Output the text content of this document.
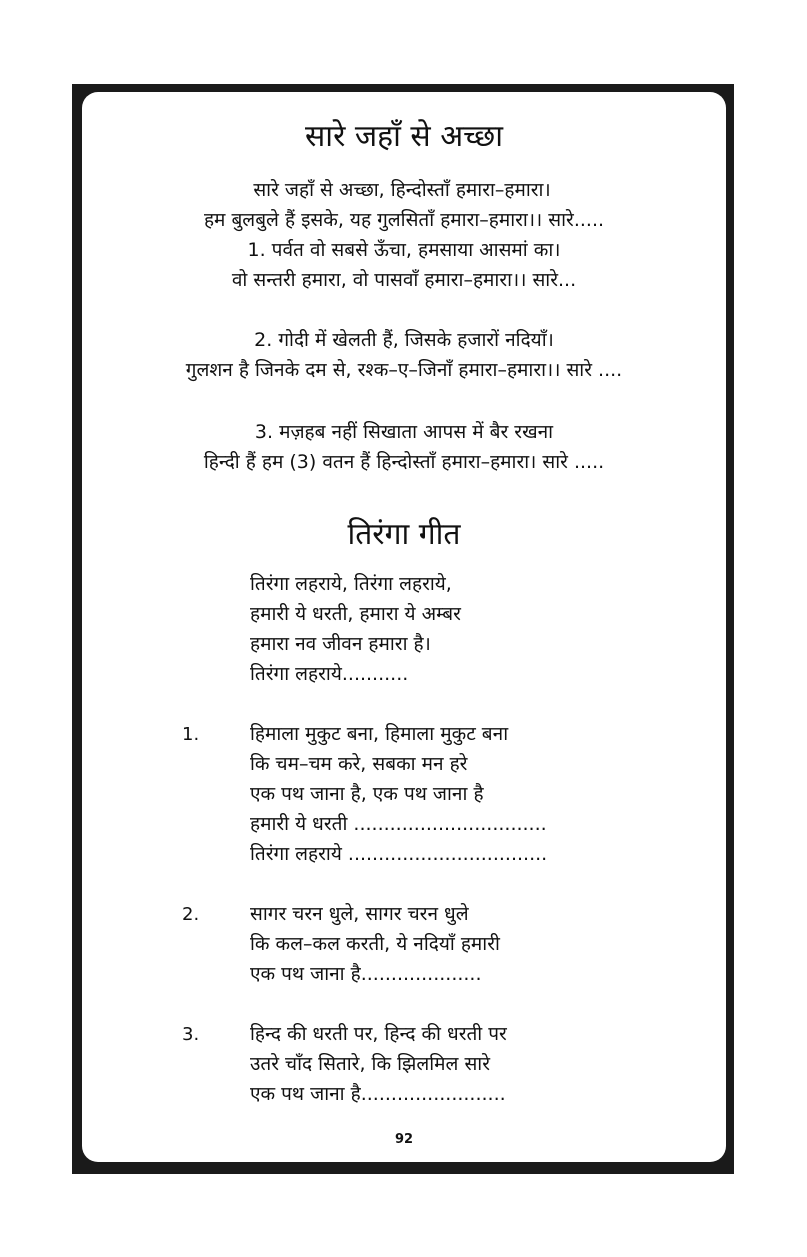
सारे जहाँ से अच्छा

सारे जहाँ से अच्छा, हिन्दोस्ताँ हमारा–हमारा।

हम बुलबुले हैं इसके, यह गुलसिताँ हमारा–हमारा।। सारे.....

1. पर्वत वो सबसे ऊँचा, हमसाया आसमां का।

वो सन्तरी हमारा, वो पासवाँ हमारा–हमारा।। सारे...

2. गोदी में खेलती हैं, जिसके हजारों नदियाँ।

गुलशन है जिनके दम से, रश्क–ए–जिनाँ हमारा–हमारा।। सारे ....

3. मज़हब नहीं सिखाता आपस में बैर रखना

हिन्दी हैं हम (3) वतन हैं हिन्दोस्ताँ हमारा–हमारा। सारे .....

तिरंगा गीत

तिरंगा लहराये, तिरंगा लहराये,

हमारी ये धरती, हमारा ये अम्बर

हमारा नव जीवन हमारा है।

तिरंगा लहराये...........

1.	हिमाला मुकुट बना, हिमाला मुकुट बना

कि चम–चम करे, सबका मन हरे

एक पथ जाना है, एक पथ जाना है

हमारी ये धरती ................................

तिरंगा लहराये .................................

2.	सागर चरन धुले, सागर चरन धुले

कि कल–कल करती, ये नदियाँ हमारी

एक पथ जाना है....................

3.	हिन्द की धरती पर, हिन्द की धरती पर

उतरे चाँद सितारे, कि झिलमिल सारे

एक पथ जाना है........................

92
